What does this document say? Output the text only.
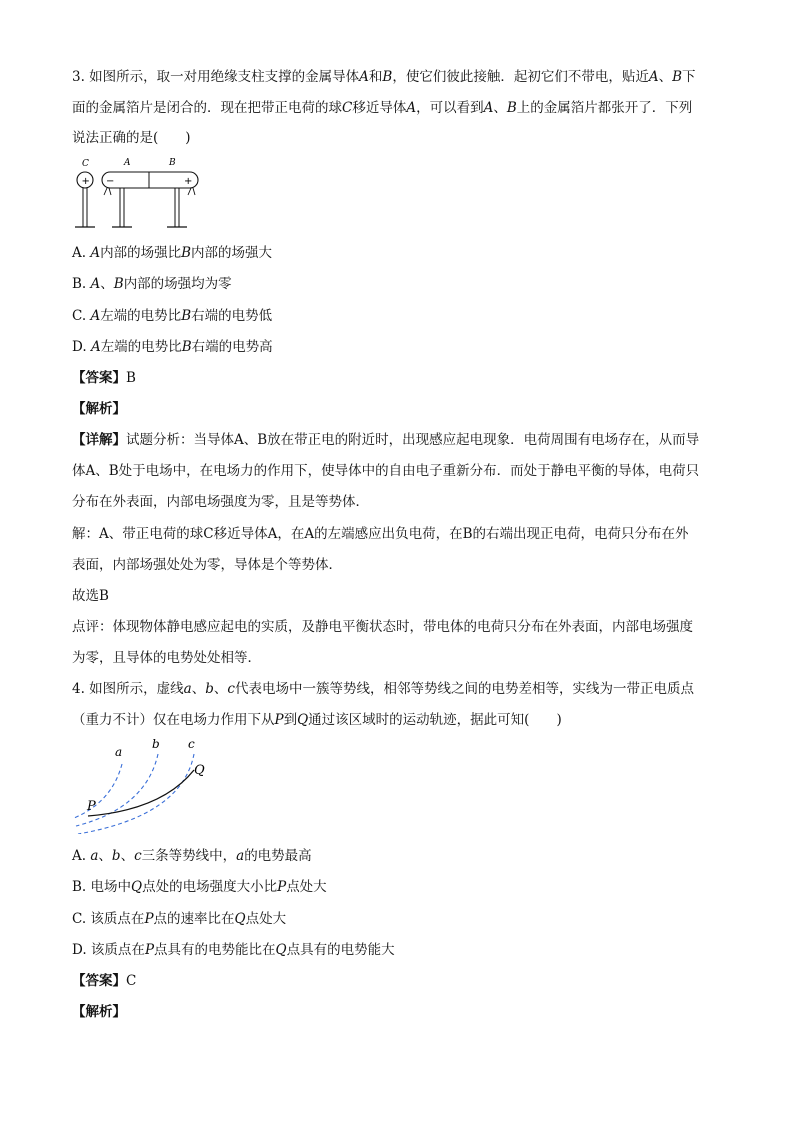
3. 如图所示，取一对用绝缘支柱支撑的金属导体A和B，使它们彼此接触．起初它们不带电，贴近A、B下
面的金属箔片是闭合的．现在把带正电荷的球C移近导体A，可以看到A、B上的金属箔片都张开了．下列
说法正确的是(　　)
C	A	B
+ −	+
A. A内部的场强比B内部的场强大
B. A、B内部的场强均为零
C. A左端的电势比B右端的电势低
D. A左端的电势比B右端的电势高
【答案】B
【解析】
【详解】试题分析：当导体A、B放在带正电的附近时，出现感应起电现象．电荷周围有电场存在，从而导
体A、B处于电场中，在电场力的作用下，使导体中的自由电子重新分布．而处于静电平衡的导体，电荷只
分布在外表面，内部电场强度为零，且是等势体．
解：A、带正电荷的球C移近导体A，在A的左端感应出负电荷，在B的右端出现正电荷，电荷只分布在外
表面，内部场强处处为零，导体是个等势体．
故选B
点评：体现物体静电感应起电的实质，及静电平衡状态时，带电体的电荷只分布在外表面，内部电场强度
为零，且导体的电势处处相等．
4. 如图所示，虚线a、b、c代表电场中一簇等势线，相邻等势线之间的电势差相等，实线为一带正电质点
（重力不计）仅在电场力作用下从P到Q通过该区域时的运动轨迹，据此可知(　　)
a
b c
P
Q
A. a、b、c三条等势线中，a的电势最高
B. 电场中Q点处的电场强度大小比P点处大
C. 该质点在P点的速率比在Q点处大
D. 该质点在P点具有的电势能比在Q点具有的电势能大
【答案】C
【解析】
